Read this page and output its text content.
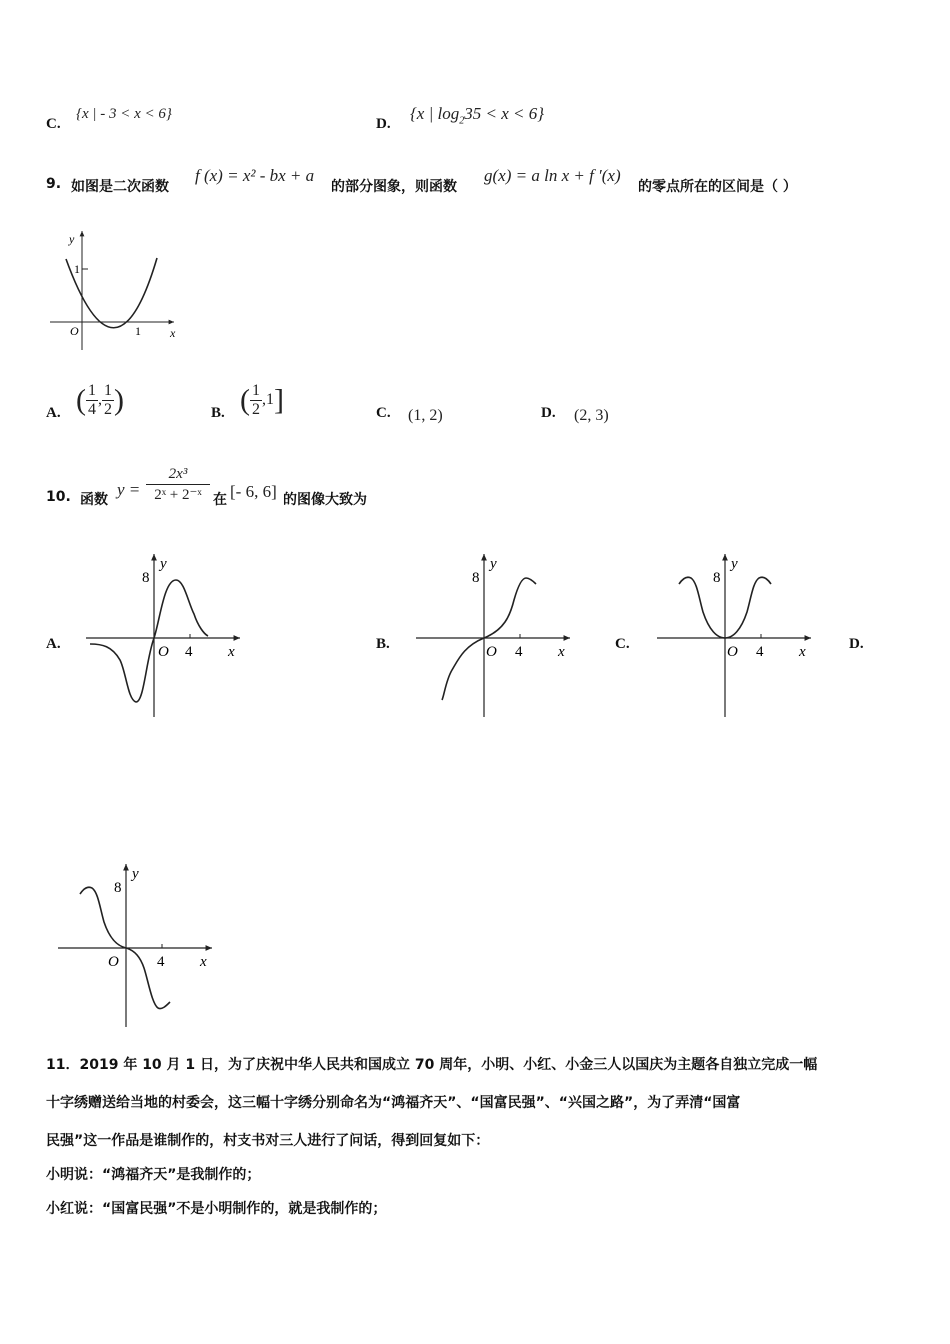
C.
{x | - 3 < x < 6}
D.
{x | $\log_235 < x < 6$}
9. 如图是二次函数
f (x) = x² - bx + a
的部分图象，则函数
g(x) = a ln x + f ′(x)
的零点所在的区间是（ ）
y
x
O	1
1
A. ( $\frac{1}{4}$ , $\frac{1}{2}$ )	B. ( $\frac{1}{2} ,1$]	C. (1, 2)	D. (2, 3)
10. 函数
$y = \frac{\text{2x³}}{\text{2ˣ + 2⁻ˣ}}$ 在 [- 6, 6] 的图像大致为
A.	B.	C.	D.
y
x
O 4
8
y
x
O 4
8
y
x
O 4
8
y
x
O	4
8
11．2019 年 10 月 1 日，为了庆祝中华人民共和国成立 70 周年，小明、小红、小金三人以国庆为主题各自独立完成一幅
十字绣赠送给当地的村委会，这三幅十字绣分别命名为“鸿福齐天”、“国富民强”、“兴国之路”，为了弄清“国富
民强”这一作品是谁制作的，村支书对三人进行了问话，得到回复如下：
小明说：“鸿福齐天”是我制作的；
小红说：“国富民强”不是小明制作的，就是我制作的；
